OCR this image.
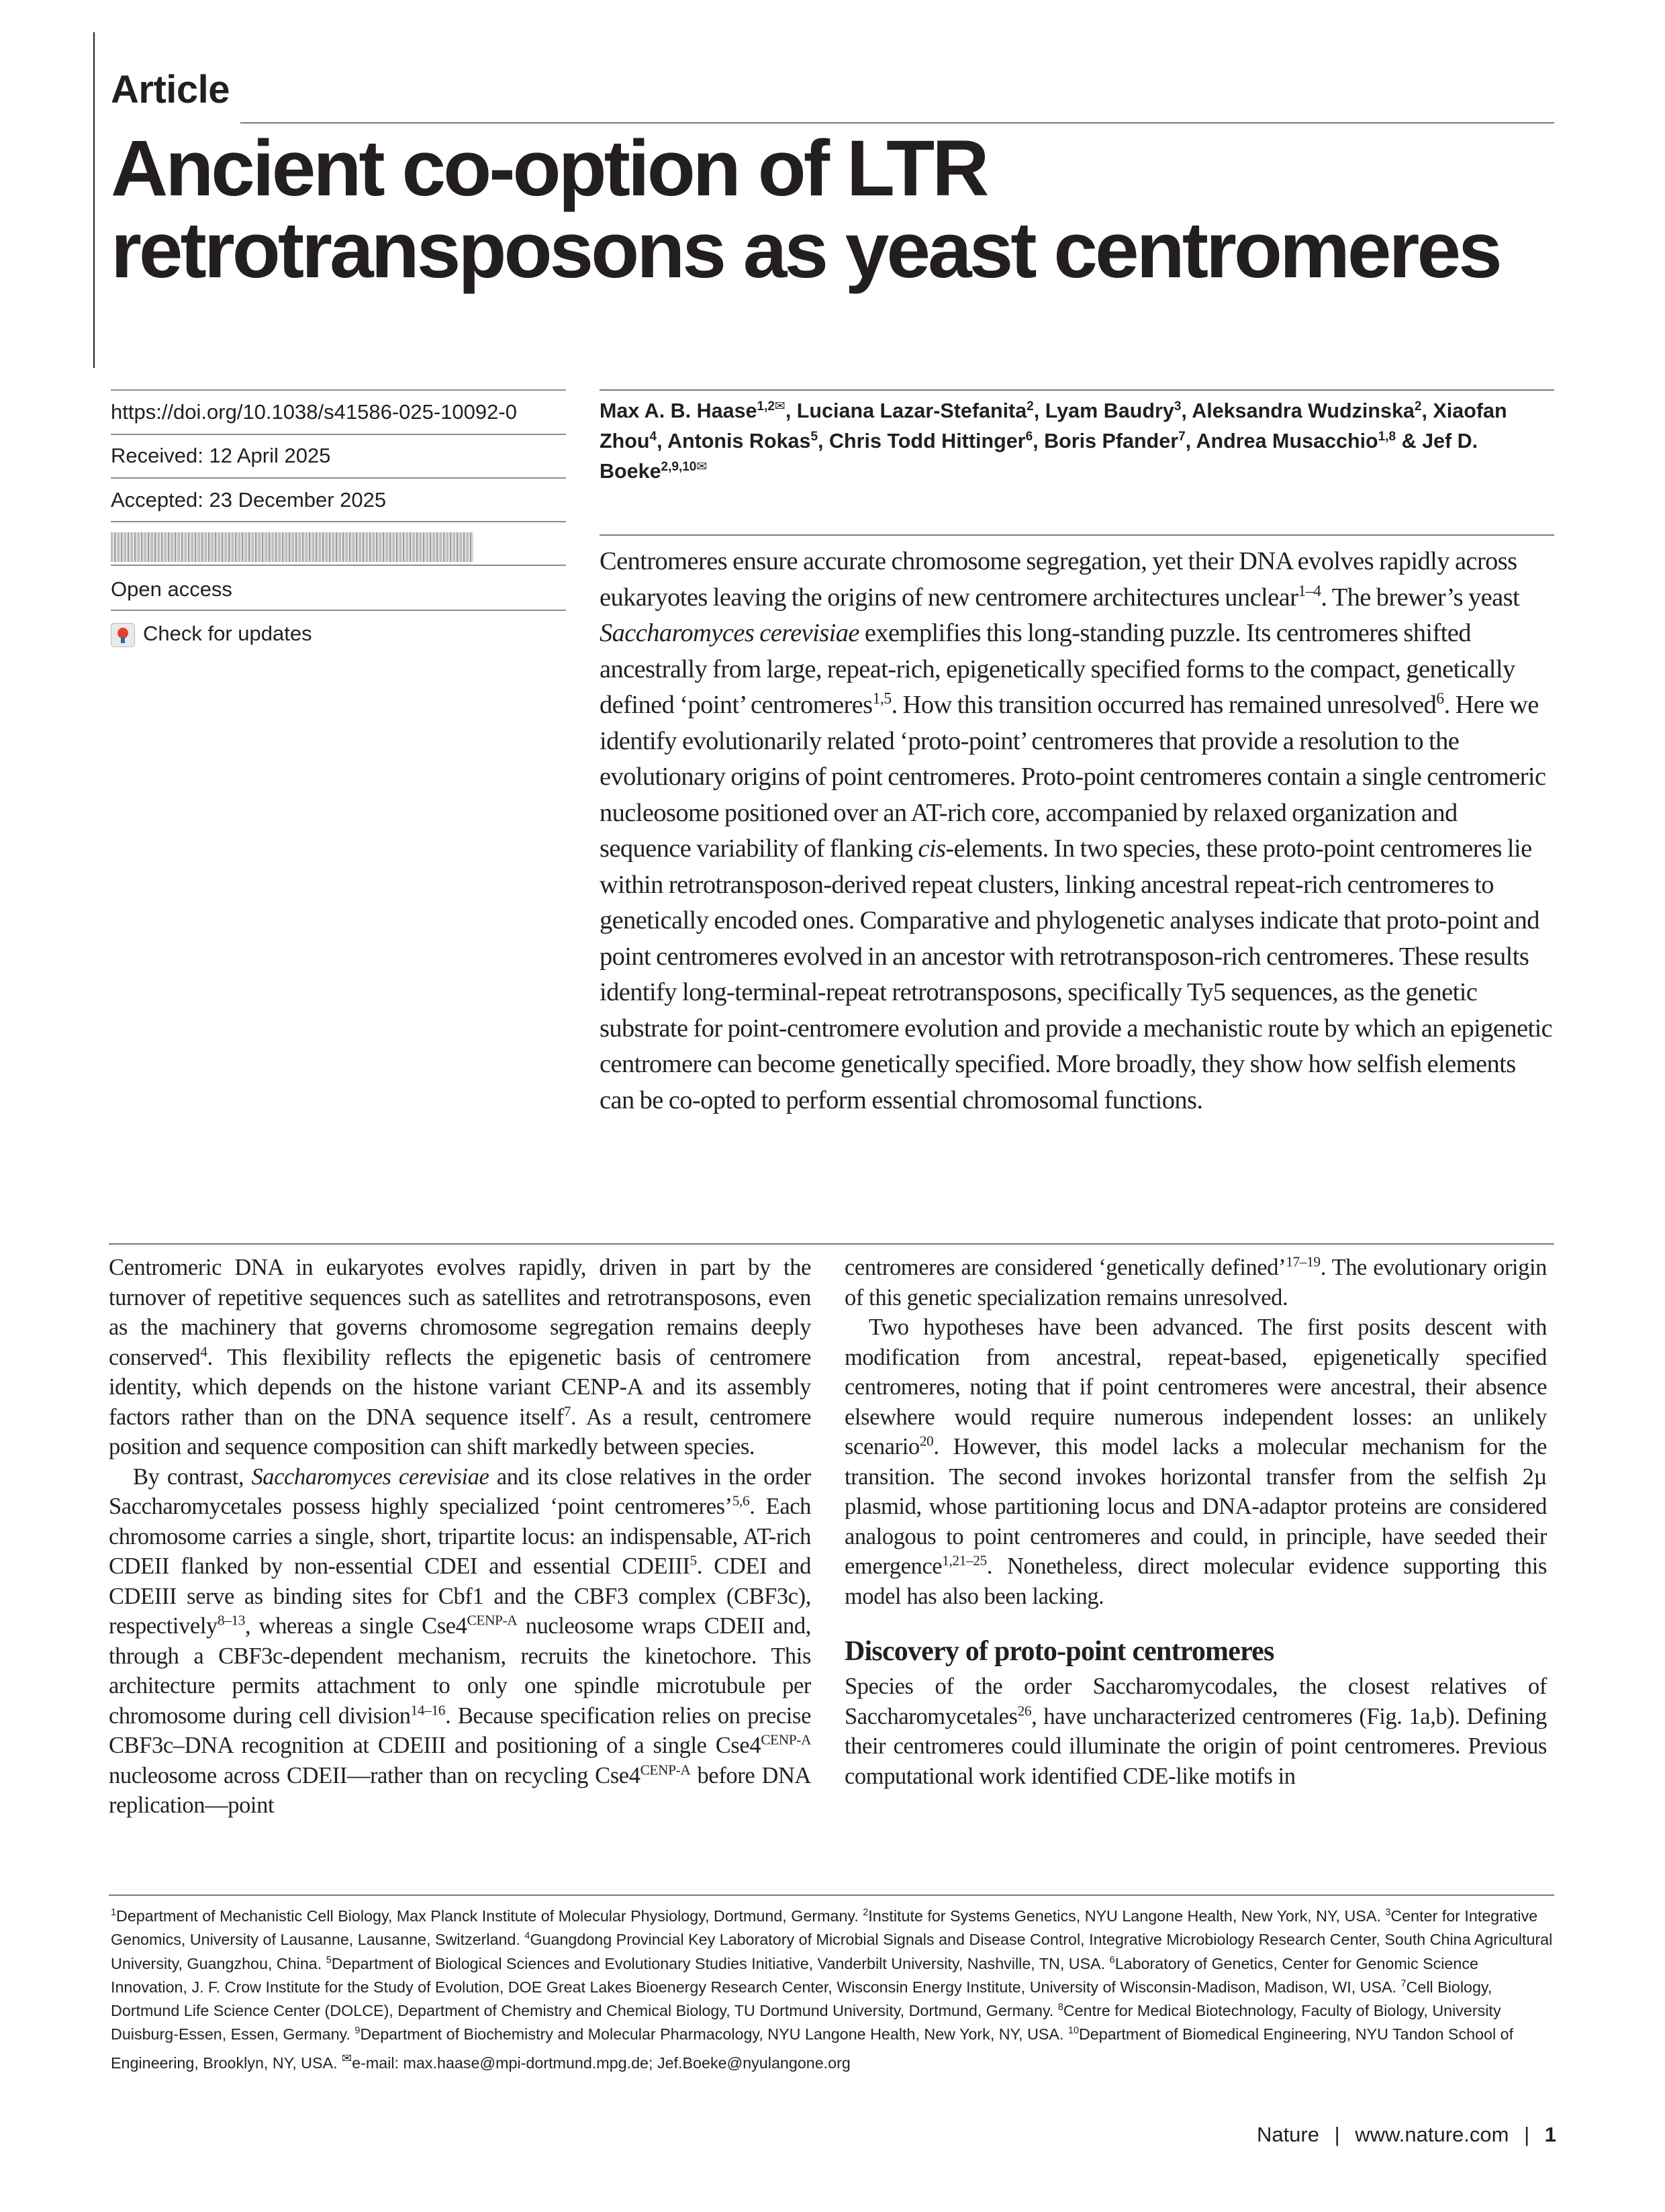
Article
Ancient co-option of LTR retrotransposons as yeast centromeres
https://doi.org/10.1038/s41586-025-10092-0
Received: 12 April 2025
Accepted: 23 December 2025
Open access
Check for updates
Max A. B. Haase$^{1,2✉}$, Luciana Lazar-Stefanita$^2$, Lyam Baudry$^3$, Aleksandra Wudzinska$^2$, Xiaofan Zhou$^4$, Antonis Rokas$^5$, Chris Todd Hittinger$^6$, Boris Pfander$^7$, Andrea Musacchio$^{1,8}$ & Jef D. Boeke$^{2,9,10✉}$

Centromeres ensure accurate chromosome segregation, yet their DNA evolves rapidly across eukaryotes leaving the origins of new centromere architectures unclear$^{1-4}$. The brewer’s yeast Saccharomyces cerevisiae exemplifies this long-standing puzzle. Its centromeres shifted ancestrally from large, repeat-rich, epigenetically specified forms to the compact, genetically defined ‘point’ centromeres$^{1,5}$. How this transition occurred has remained unresolved$^6$. Here we identify evolutionarily related ‘proto-point’ centromeres that provide a resolution to the evolutionary origins of point centromeres. Proto-point centromeres contain a single centromeric nucleosome positioned over an AT-rich core, accompanied by relaxed organization and sequence variability of flanking cis-elements. In two species, these proto-point centromeres lie within retrotransposon-derived repeat clusters, linking ancestral repeat-rich centromeres to genetically encoded ones. Comparative and phylogenetic analyses indicate that proto-point and point centromeres evolved in an ancestor with retrotransposon-rich centromeres. These results identify long-terminal-repeat retrotransposons, specifically Ty5 sequences, as the genetic substrate for point-centromere evolution and provide a mechanistic route by which an epigenetic centromere can become genetically specified. More broadly, they show how selfish elements can be co-opted to perform essential chromosomal functions.

Centromeric DNA in eukaryotes evolves rapidly, driven in part by the turnover of repetitive sequences such as satellites and retrotransposons, even as the machinery that governs chromosome segregation remains deeply conserved$^4$. This flexibility reflects the epigenetic basis of centromere identity, which depends on the histone variant CENP-A and its assembly factors rather than on the DNA sequence itself$^7$. As a result, centromere position and sequence composition can shift markedly between species.

By contrast, Saccharomyces cerevisiae and its close relatives in the order Saccharomycetales possess highly specialized ‘point centromeres’$^{5,6}$. Each chromosome carries a single, short, tripartite locus: an indispensable, AT-rich CDEII flanked by non-essential CDEI and essential CDEIII$^5$. CDEI and CDEIII serve as binding sites for Cbf1 and the CBF3 complex (CBF3c), respectively$^{8-13}$, whereas a single $Cse4^{CENP-A}$ nucleosome wraps CDEII and, through a CBF3c-dependent mechanism, recruits the kinetochore. This architecture permits attachment to only one spindle microtubule per chromosome during cell division$^{14-16}$. Because specification relies on precise CBF3c–DNA recognition at CDEIII and positioning of a single $Cse4^{CENP-A}$ nucleosome across CDEII—rather than on recycling $Cse4^{CENP-A}$ before DNA replication—point

centromeres are considered ‘genetically defined’$^{17-19}$. The evolutionary origin of this genetic specialization remains unresolved.

Two hypotheses have been advanced. The first posits descent with modification from ancestral, repeat-based, epigenetically specified centromeres, noting that if point centromeres were ancestral, their absence elsewhere would require numerous independent losses: an unlikely scenario$^{20}$. However, this model lacks a molecular mechanism for the transition. The second invokes horizontal transfer from the selfish 2µ plasmid, whose partitioning locus and DNA-adaptor proteins are considered analogous to point centromeres and could, in principle, have seeded their emergence$^{1,21-25}$. Nonetheless, direct molecular evidence supporting this model has also been lacking.

Discovery of proto-point centromeres

Species of the order Saccharomycodales, the closest relatives of Saccharomycetales$^{26}$, have uncharacterized centromeres (Fig. 1a,b). Defining their centromeres could illuminate the origin of point centromeres. Previous computational work identified CDE-like motifs in

$^1$Department of Mechanistic Cell Biology, Max Planck Institute of Molecular Physiology, Dortmund, Germany. $^2$Institute for Systems Genetics, NYU Langone Health, New York, NY, USA. $^3$Center for Integrative Genomics, University of Lausanne, Lausanne, Switzerland. $^4$Guangdong Provincial Key Laboratory of Microbial Signals and Disease Control, Integrative Microbiology Research Center, South China Agricultural University, Guangzhou, China. $^5$Department of Biological Sciences and Evolutionary Studies Initiative, Vanderbilt University, Nashville, TN, USA. $^6$Laboratory of Genetics, Center for Genomic Science Innovation, J. F. Crow Institute for the Study of Evolution, DOE Great Lakes Bioenergy Research Center, Wisconsin Energy Institute, University of Wisconsin-Madison, Madison, WI, USA. $^7$Cell Biology, Dortmund Life Science Center (DOLCE), Department of Chemistry and Chemical Biology, TU Dortmund University, Dortmund, Germany. $^8$Centre for Medical Biotechnology, Faculty of Biology, University Duisburg-Essen, Essen, Germany. $^9$Department of Biochemistry and Molecular Pharmacology, NYU Langone Health, New York, NY, USA. $^{10}$Department of Biomedical Engineering, NYU Tandon School of Engineering, Brooklyn, NY, USA. ✉e-mail: max.haase@mpi-dortmund.mpg.de; Jef.Boeke@nyulangone.org
Nature | www.nature.com | 1
